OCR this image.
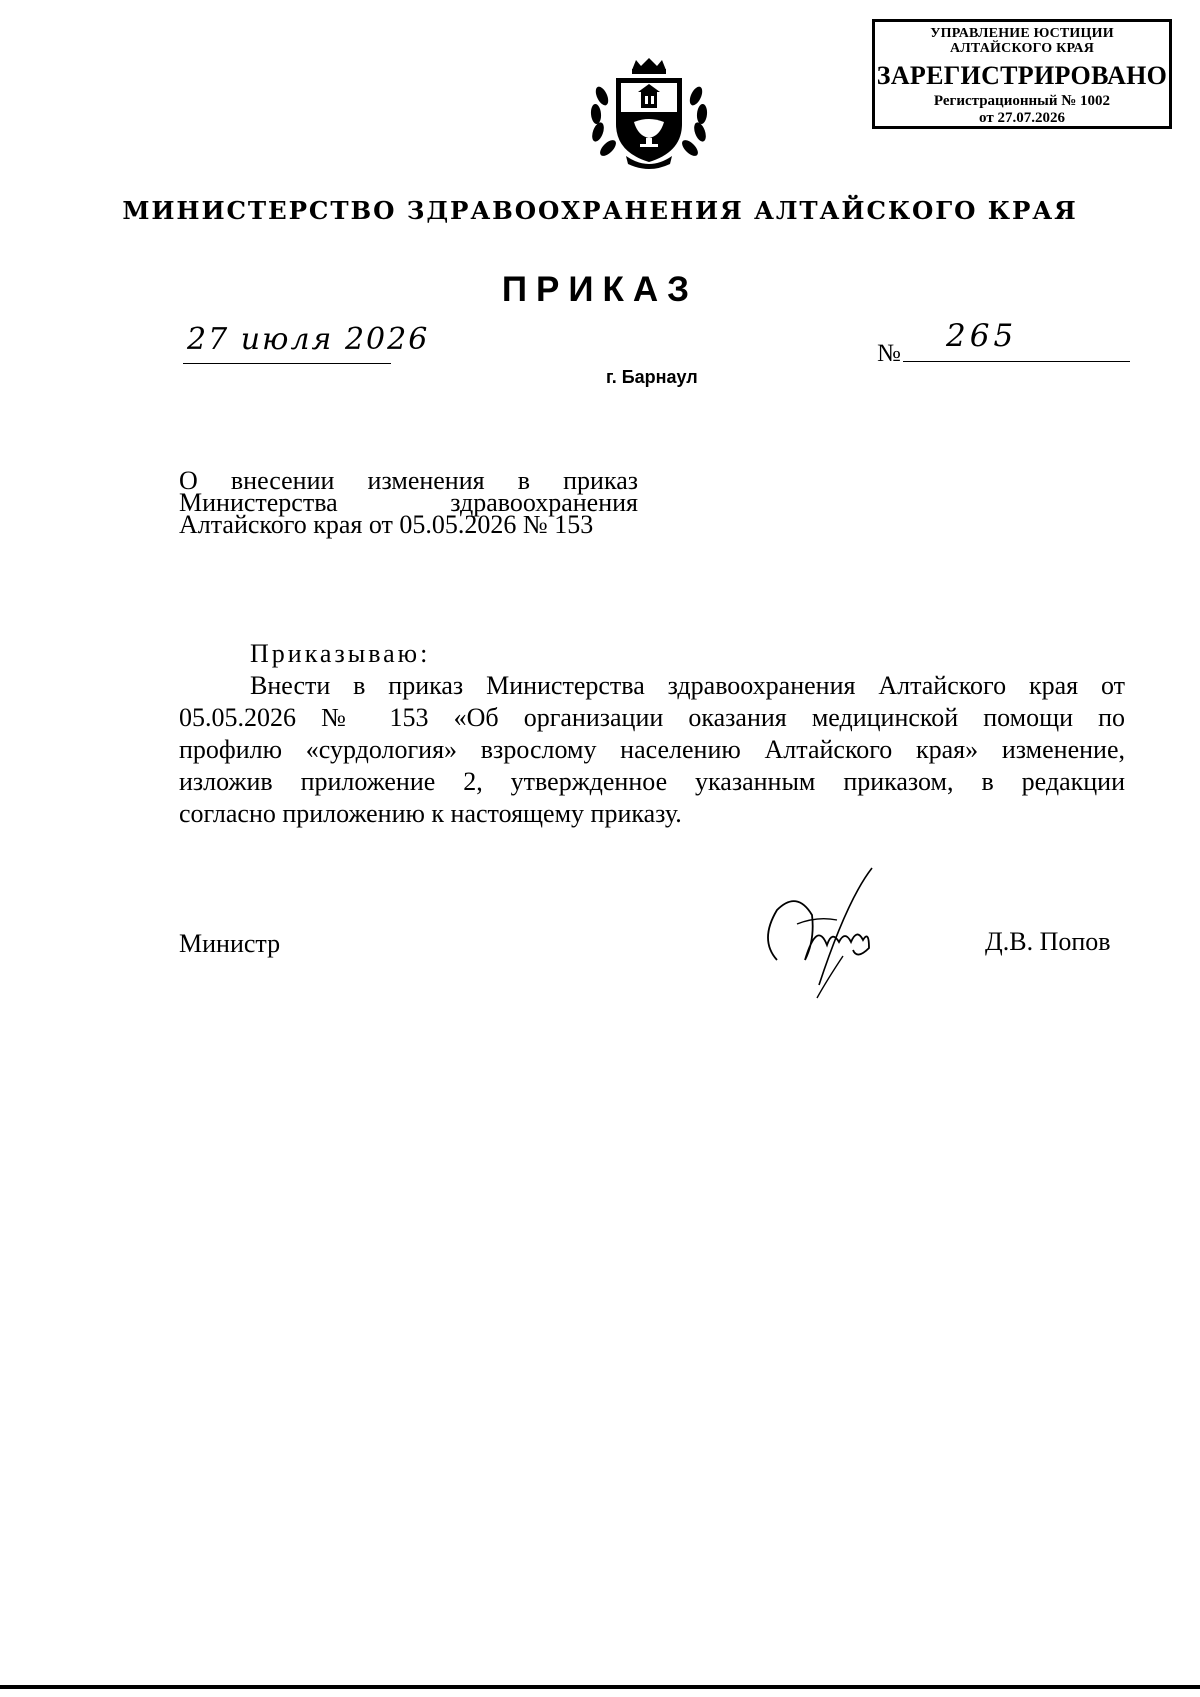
УПРАВЛЕНИЕ ЮСТИЦИИ
АЛТАЙСКОГО КРАЯ
ЗАРЕГИСТРИРОВАНО
Регистрационный № 1002
от 27.07.2026
МИНИСТЕРСТВО ЗДРАВООХРАНЕНИЯ АЛТАЙСКОГО КРАЯ
ПРИКАЗ
27 июля 2026	№ 265
г. Барнаул
О внесении изменения в приказ
Министерства здравоохранения
Алтайского края от 05.05.2026 № 153
Приказываю:
Внести в приказ Министерства здравоохранения Алтайского края от
05.05.2026 № 153 «Об организации оказания медицинской помощи по
профилю «сурдология» взрослому населению Алтайского края» изменение,
изложив приложение 2, утвержденное указанным приказом, в редакции
согласно приложению к настоящему приказу.
Министр	Д.В. Попов
